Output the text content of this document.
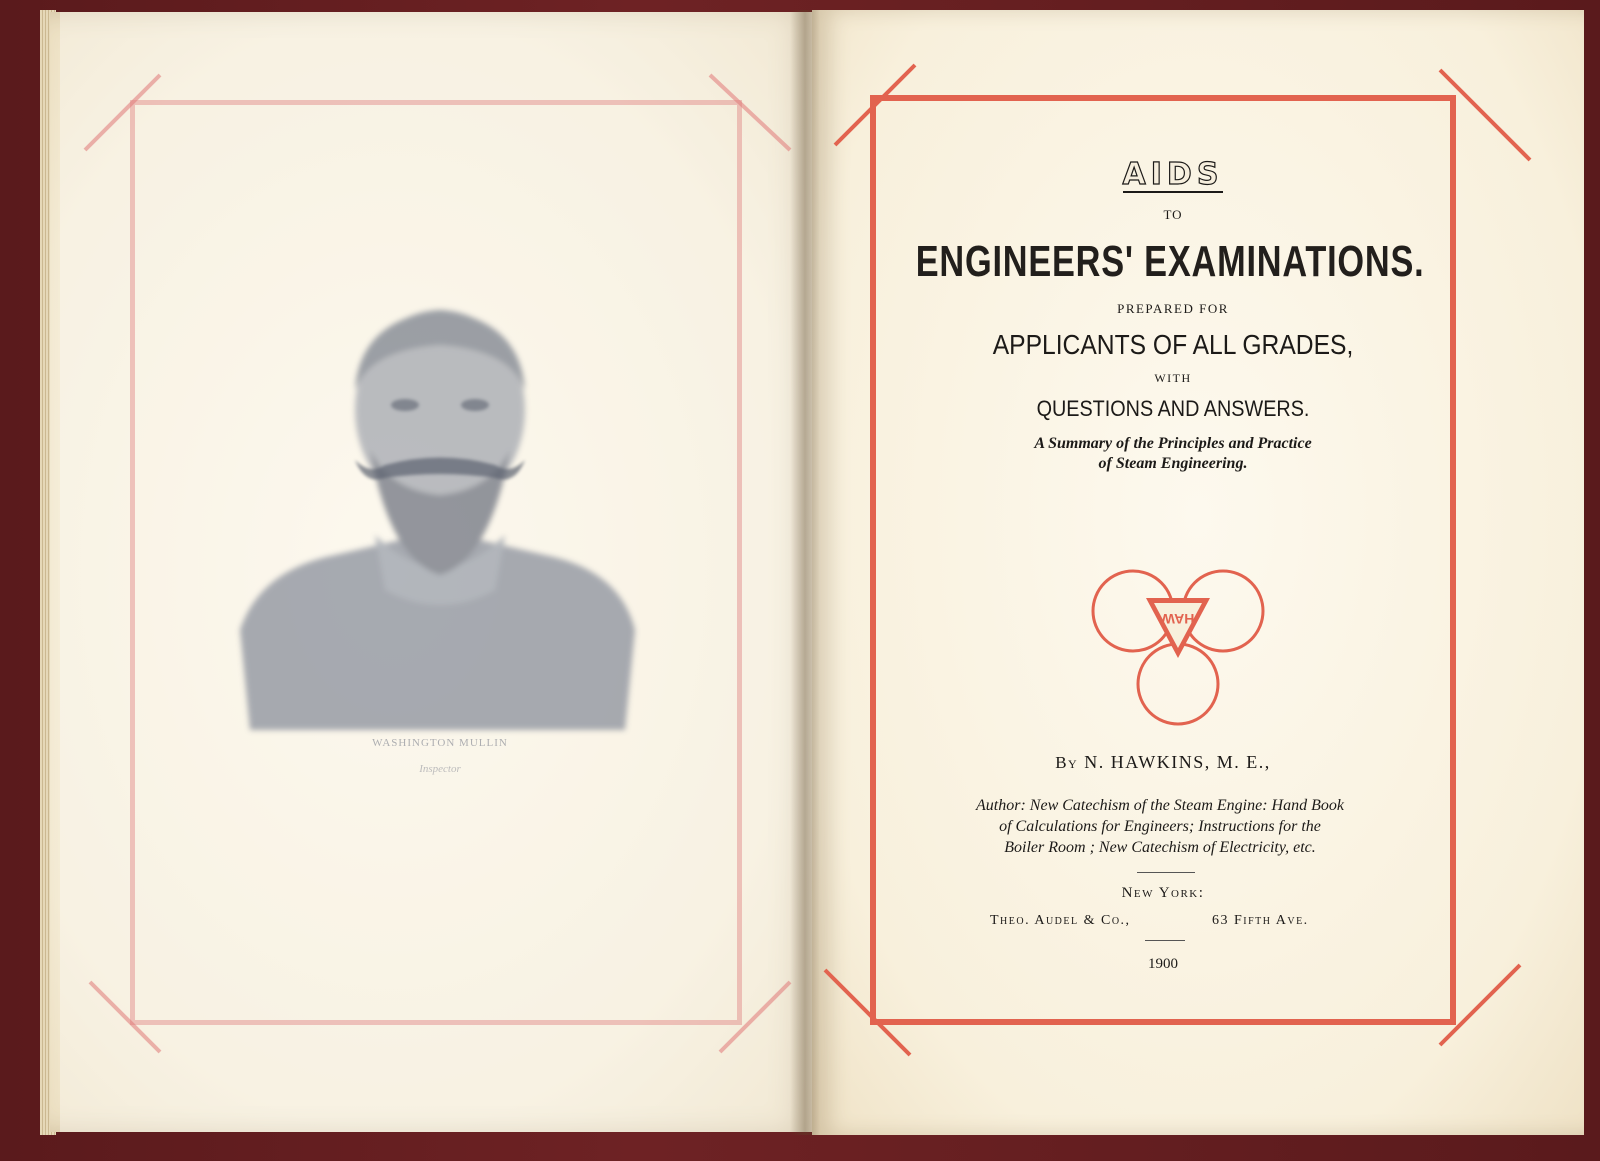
WASHINGTON MULLIN
Inspector
AIDS
TO
ENGINEERS' EXAMINATIONS.
PREPARED FOR
APPLICANTS OF ALL GRADES,
WITH
QUESTIONS AND ANSWERS.
A Summary of the Principles and Practice
of Steam Engineering.
HAW
By N. HAWKINS, M. E.,
Author: New Catechism of the Steam Engine: Hand Book
of Calculations for Engineers; Instructions for the
Boiler Room ; New Catechism of Electricity, etc.
New York:
Theo. Audel & Co.,	63 Fifth Ave.
1900
